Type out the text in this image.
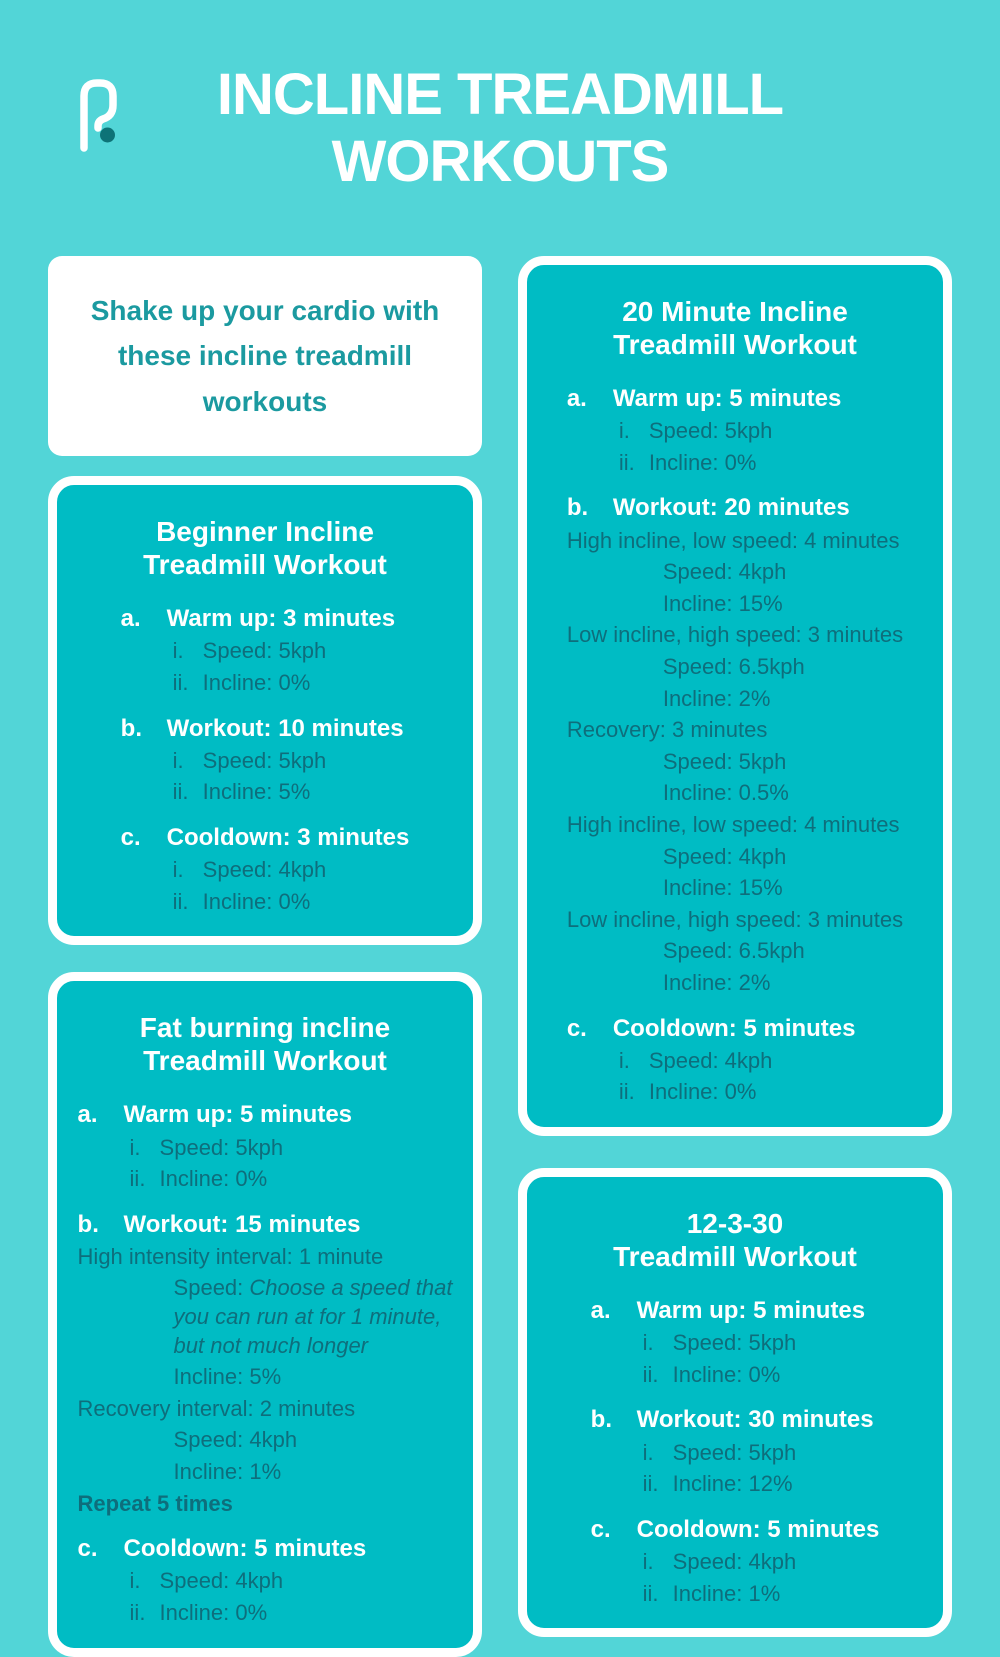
INCLINE TREADMILL
WORKOUTS

Shake up your cardio with these incline treadmill workouts

Beginner Incline
Treadmill Workout
a.	Warm up: 3 minutes
i. Speed: 5kph
ii. Incline: 0%
b.	Workout: 10 minutes
i. Speed: 5kph
ii. Incline: 5%
c.	Cooldown: 3 minutes
i. Speed: 4kph
ii. Incline: 0%
Fat burning incline
Treadmill Workout
a.	Warm up: 5 minutes
i. Speed: 5kph
ii. Incline: 0%
b.	Workout: 15 minutes
High intensity interval: 1 minute
Speed: Choose a speed that
you can run at for 1 minute,
but not much longer
Incline: 5%
Recovery interval: 2 minutes
Speed: 4kph
Incline: 1%
Repeat 5 times
c.	Cooldown: 5 minutes
i. Speed: 4kph
ii. Incline: 0%
20 Minute Incline
Treadmill Workout
a.	Warm up: 5 minutes
i. Speed: 5kph
ii. Incline: 0%
b.	Workout: 20 minutes
High incline, low speed: 4 minutes
Speed: 4kph
Incline: 15%
Low incline, high speed: 3 minutes
Speed: 6.5kph
Incline: 2%
Recovery: 3 minutes
Speed: 5kph
Incline: 0.5%
High incline, low speed: 4 minutes
Speed: 4kph
Incline: 15%
Low incline, high speed: 3 minutes
Speed: 6.5kph
Incline: 2%
c.	Cooldown: 5 minutes
i. Speed: 4kph
ii. Incline: 0%
12-3-30
Treadmill Workout
a.	Warm up: 5 minutes
i. Speed: 5kph
ii. Incline: 0%
b.	Workout: 30 minutes
i. Speed: 5kph
ii. Incline: 12%
c.	Cooldown: 5 minutes
i. Speed: 4kph
ii. Incline: 1%
